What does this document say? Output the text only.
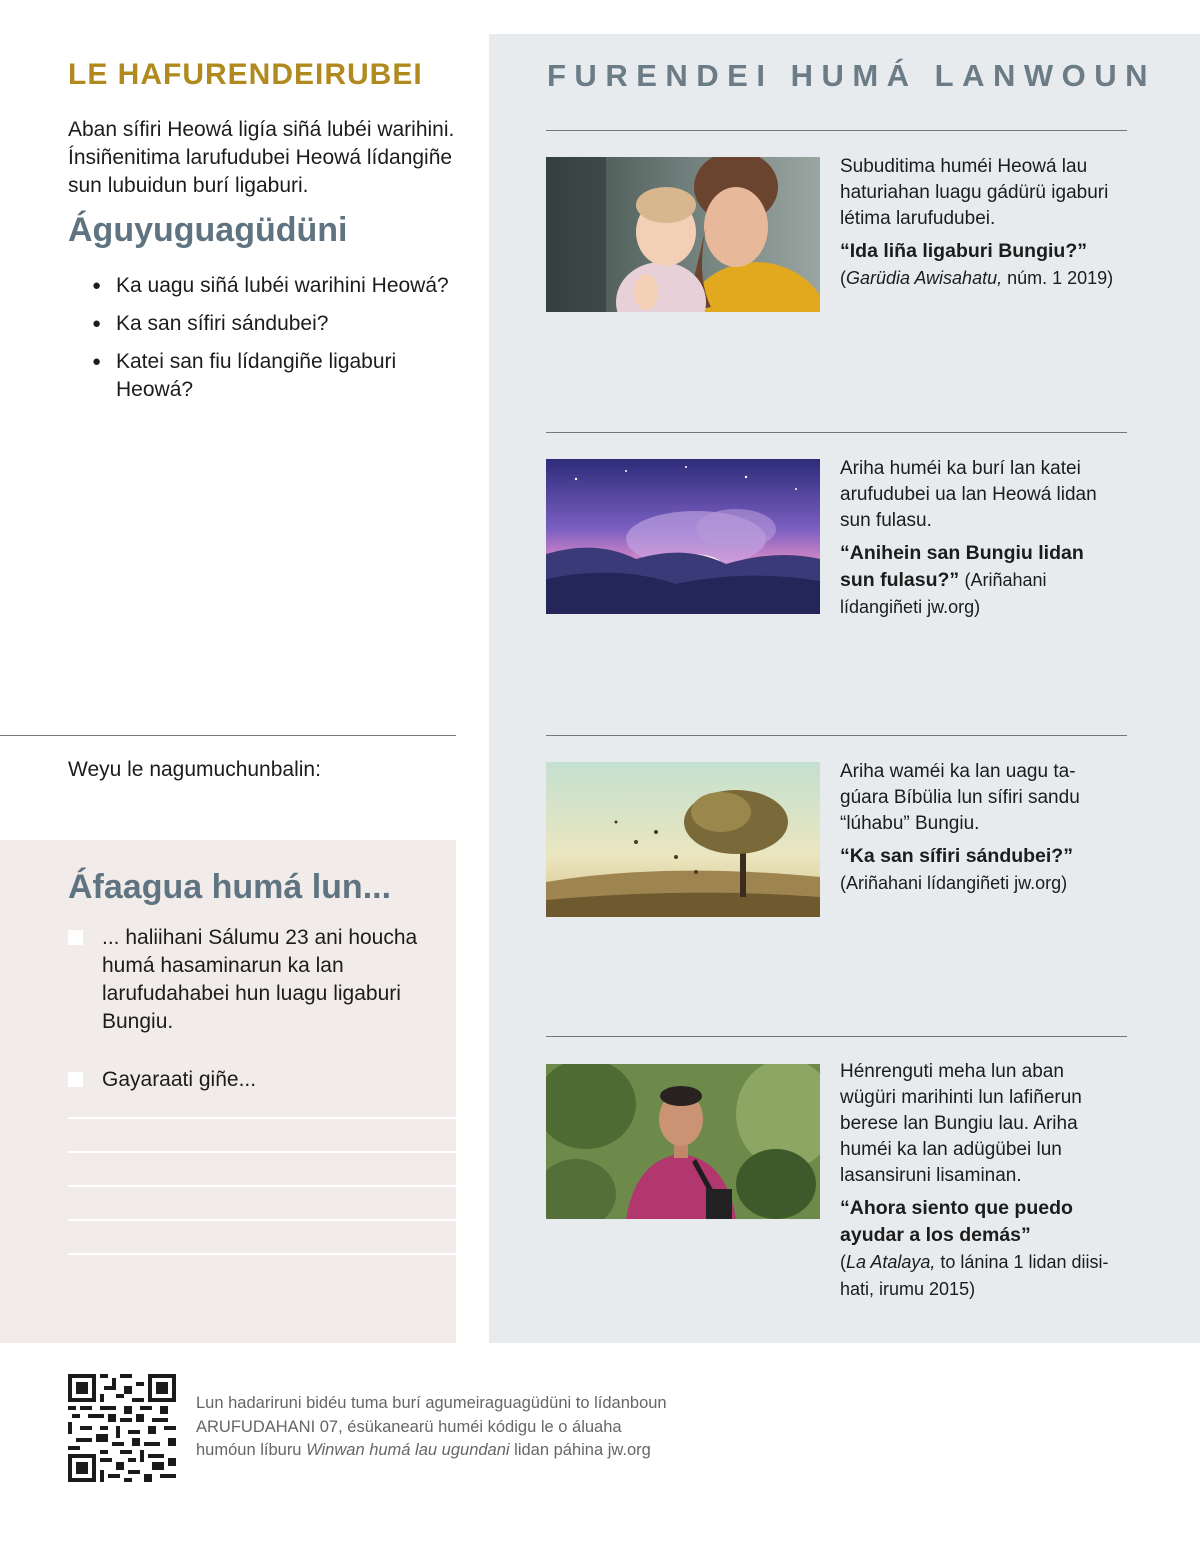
LE HAFURENDEIRUBEI

Aban sífiri Heowá ligía siñá lubéi warihini. Ínsiñenitima larufudubei Heowá lídangiñe sun lubuidun burí ligaburi.

Águyuguagüdüni
● Ka uagu siñá lubéi warihini Heowá?
● Ka san sífiri sándubei?
● Katei san fiu lídangiñe ligaburi Heowá?

Weyu le nagumuchunbalin:

Áfaagua humá lun...
... haliihani Sálumu 23 ani houcha humá hasaminarun ka lan larufudahabei hun luagu ligaburi Bungiu.
Gayaraati giñe...
FURENDEI HUMÁ LANWOUN
Subuditima huméi Heowá lau haturiahan luagu gádürü igaburi létima larufudubei.
“Ida liña ligaburi Bungiu?”
(Garüdia Awisahatu, núm. 1 2019)
Ariha huméi ka burí lan katei arufudubei ua lan Heowá lidan sun fulasu.
“Anihein san Bungiu lidan sun fulasu?” (Ariñahani lídangiñeti jw.org)
Ariha waméi ka lan uagu tagúara Bíbülia lun sífiri sandu “lúhabu” Bungiu.
“Ka san sífiri sándubei?”
(Ariñahani lídangiñeti jw.org)
Hénrenguti meha lun aban wügüri marihinti lun lafiñerun berese lan Bungiu lau. Ariha huméi ka lan adügübei lun lasansiruni lisaminan.
“Ahora siento que puedo ayudar a los demás”
(La Atalaya, to lánina 1 lidan diisi-hati, irumu 2015)

Lun hadariruni bidéu tuma burí agumeiraguagüdüni to lídanboun ARUFUDAHANI 07, ésükanearü huméi kódigu le o áluaha humóun líburu Winwan humá lau ugundani lidan páhina jw.org
